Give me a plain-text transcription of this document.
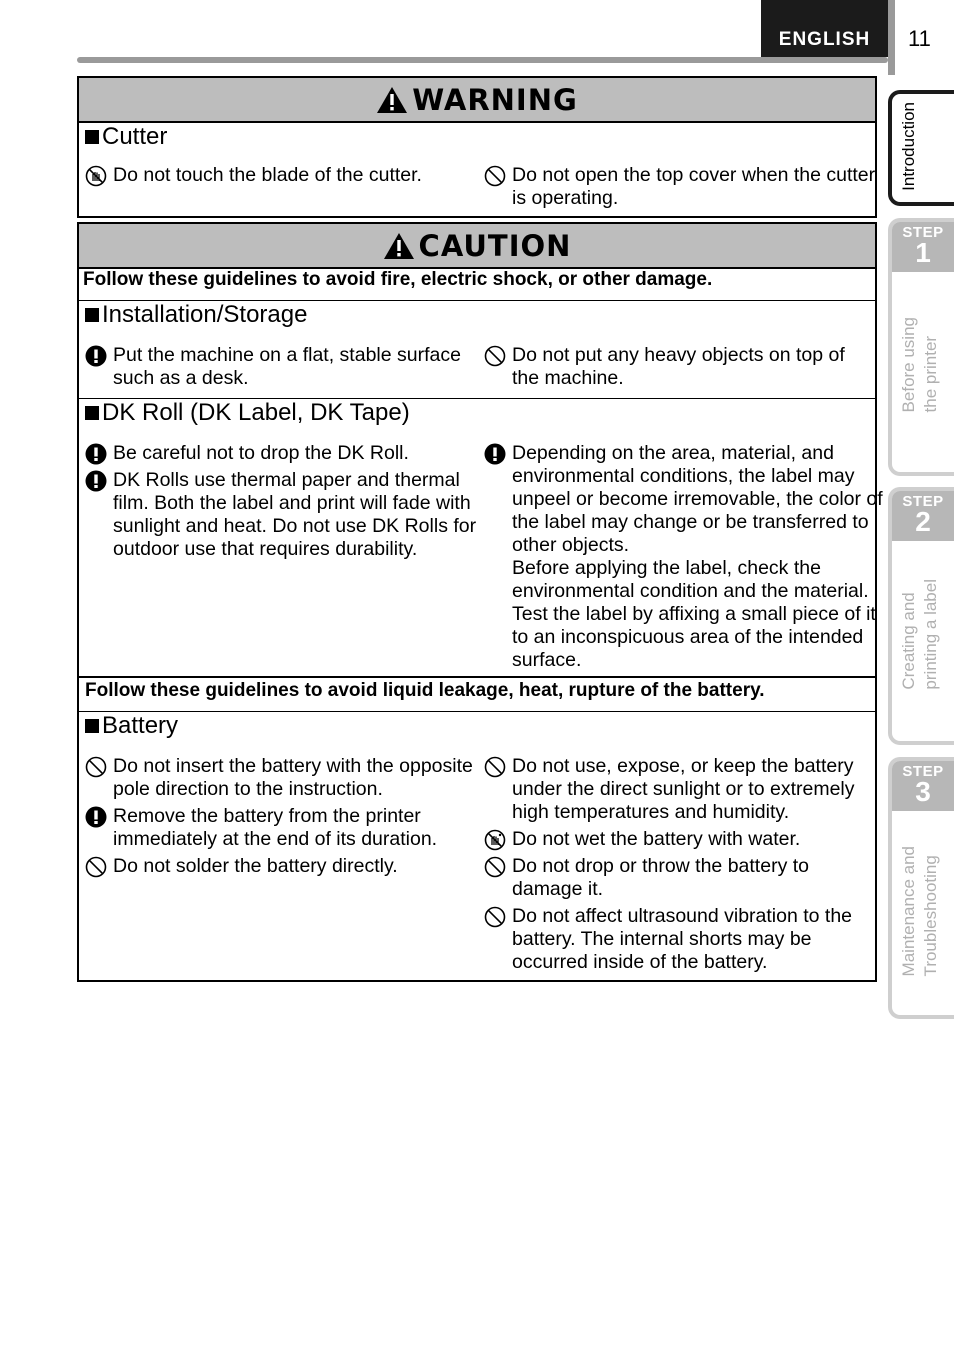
ENGLISH 11
Introduction
STEP
1
Before using the printer
STEP
2
Creating and printing a label
STEP
3
Maintenance and Troubleshooting
WARNING
Cutter
Do not touch the blade of the cutter.	Do not open the top cover when the cutter is operating.
CAUTION
Follow these guidelines to avoid fire, electric shock, or other damage.
Installation/Storage
Put the machine on a flat, stable surface such as a desk.
Do not put any heavy objects on top of the machine.
DK Roll (DK Label, DK Tape)
Be careful not to drop the DK Roll.
DK Rolls use thermal paper and thermal film. Both the label and print will fade with sunlight and heat. Do not use DK Rolls for outdoor use that requires durability.
Depending on the area, material, and environmental conditions, the label may unpeel or become irremovable, the color of the label may change or be transferred to other objects.
Before applying the label, check the environmental condition and the material. Test the label by affixing a small piece of it to an inconspicuous area of the intended surface.
Follow these guidelines to avoid liquid leakage, heat, rupture of the battery.
Battery
Do not insert the battery with the opposite pole direction to the instruction.
Remove the battery from the printer immediately at the end of its duration.
Do not solder the battery directly.
Do not use, expose, or keep the battery under the direct sunlight or to extremely high temperatures and humidity.
Do not wet the battery with water.
Do not drop or throw the battery to damage it.
Do not affect ultrasound vibration to the battery. The internal shorts may be occurred inside of the battery.
